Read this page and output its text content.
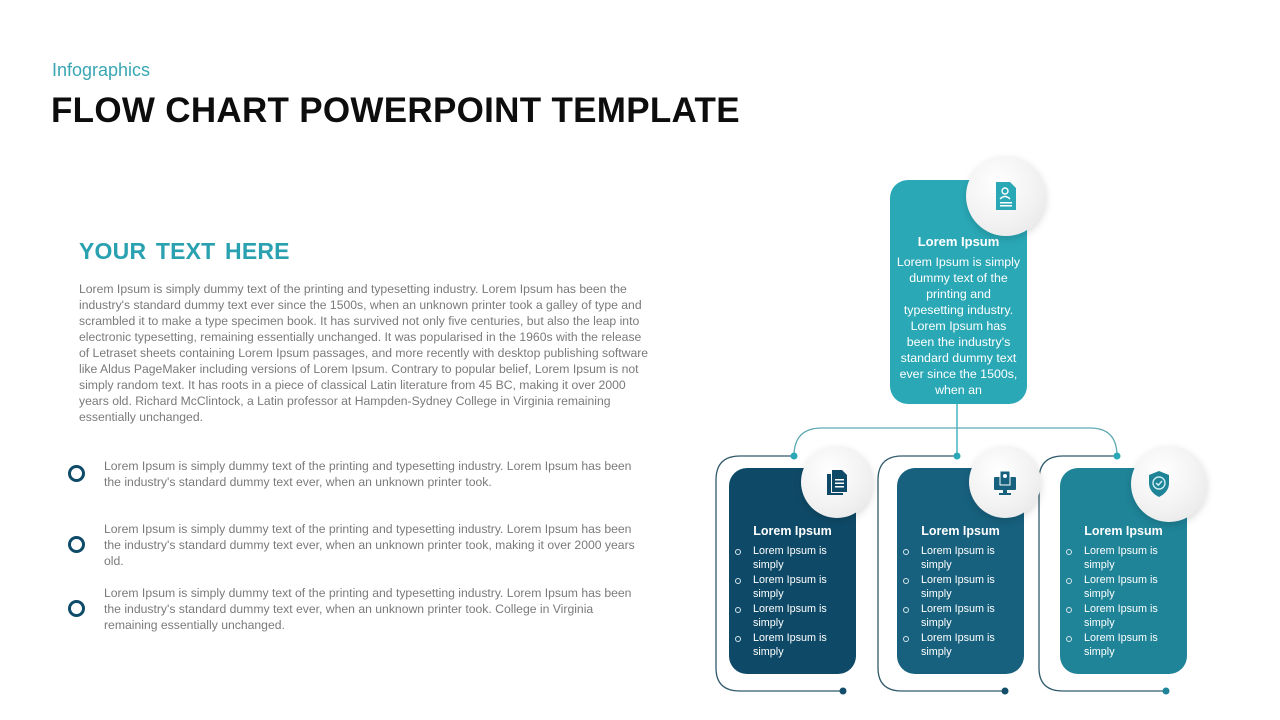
Infographics
FLOW CHART POWERPOINT TEMPLATE
YOUR TEXT HERE
Lorem Ipsum is simply dummy text of the printing and typesetting industry. Lorem Ipsum has been the industry's standard dummy text ever since the 1500s, when an unknown printer took a galley of type and scrambled it to make a type specimen book. It has survived not only five centuries, but also the leap into electronic typesetting, remaining essentially unchanged. It was popularised in the 1960s with the release of Letraset sheets containing Lorem Ipsum passages, and more recently with desktop publishing software like Aldus PageMaker including versions of Lorem Ipsum. Contrary to popular belief, Lorem Ipsum is not simply random text. It has roots in a piece of classical Latin literature from 45 BC, making it over 2000 years old. Richard McClintock, a Latin professor at Hampden-Sydney College in Virginia remaining essentially unchanged.
Lorem Ipsum is simply dummy text of the printing and typesetting industry. Lorem Ipsum has been the industry's standard dummy text ever, when an unknown printer took.
Lorem Ipsum is simply dummy text of the printing and typesetting industry. Lorem Ipsum has been the industry's standard dummy text ever, when an unknown printer took, making it over 2000 years old.
Lorem Ipsum is simply dummy text of the printing and typesetting industry. Lorem Ipsum has been the industry's standard dummy text ever, when an unknown printer took. College in Virginia remaining essentially unchanged.
Lorem Ipsum
Lorem Ipsum is simply dummy text of the printing and typesetting industry. Lorem Ipsum has been the industry's standard dummy text ever since the 1500s, when an
Lorem Ipsum
Lorem Ipsum is simply
Lorem Ipsum is simply
Lorem Ipsum is simply
Lorem Ipsum is simply
Lorem Ipsum
Lorem Ipsum is simply
Lorem Ipsum is simply
Lorem Ipsum is simply
Lorem Ipsum is simply
Lorem Ipsum
Lorem Ipsum is simply
Lorem Ipsum is simply
Lorem Ipsum is simply
Lorem Ipsum is simply
